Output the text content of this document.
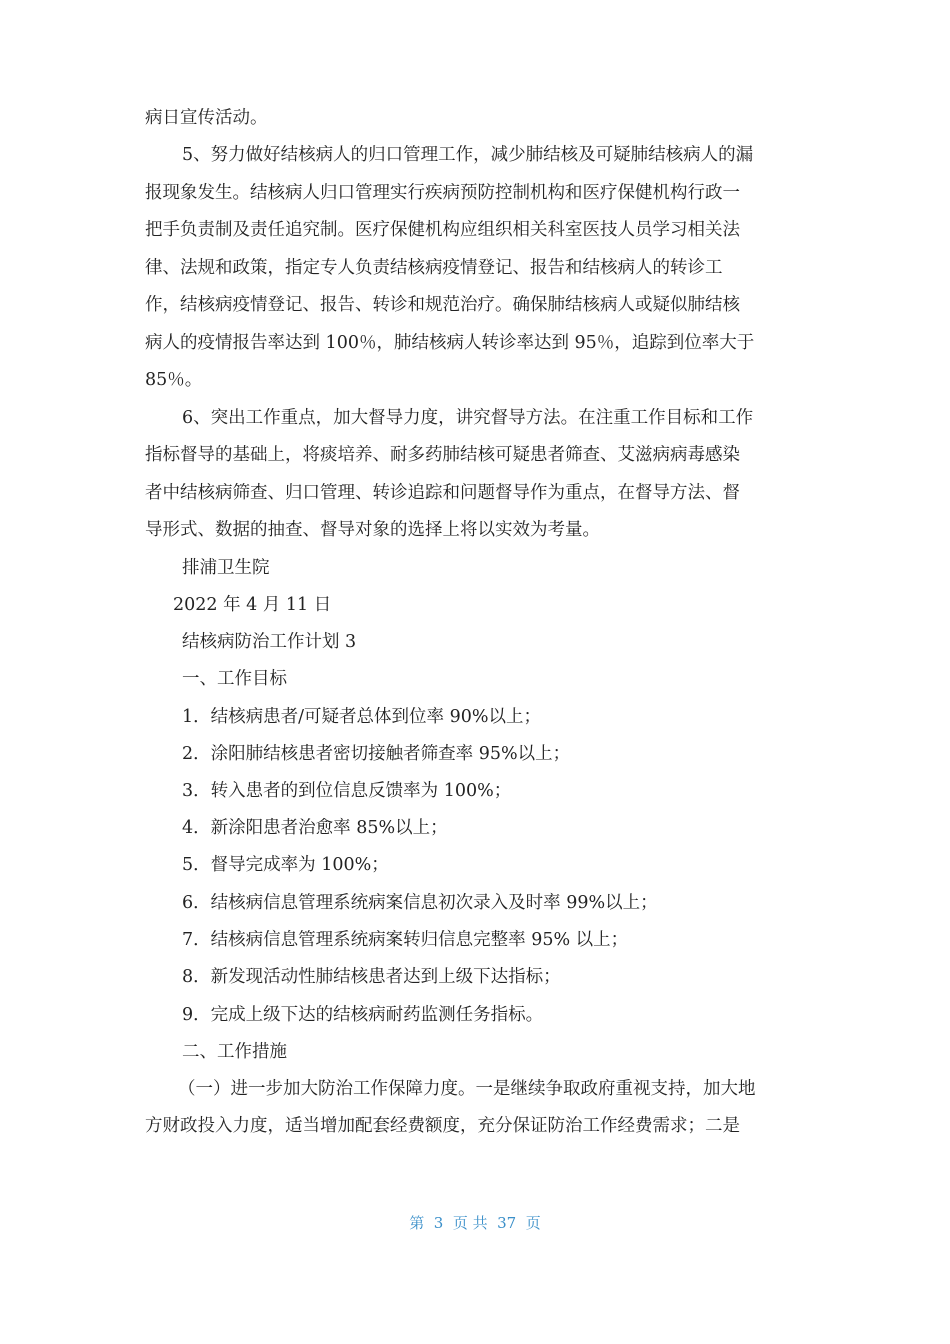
病日宣传活动。
5、努力做好结核病人的归口管理工作，减少肺结核及可疑肺结核病人的漏
报现象发生。结核病人归口管理实行疾病预防控制机构和医疗保健机构行政一
把手负责制及责任追究制。医疗保健机构应组织相关科室医技人员学习相关法
律、法规和政策，指定专人负责结核病疫情登记、报告和结核病人的转诊工
作，结核病疫情登记、报告、转诊和规范治疗。确保肺结核病人或疑似肺结核
病人的疫情报告率达到 100％，肺结核病人转诊率达到 95％，追踪到位率大于
85％。
6、突出工作重点，加大督导力度，讲究督导方法。在注重工作目标和工作
指标督导的基础上，将痰培养、耐多药肺结核可疑患者筛查、艾滋病病毒感染
者中结核病筛查、归口管理、转诊追踪和问题督导作为重点，在督导方法、督
导形式、数据的抽查、督导对象的选择上将以实效为考量。
排浦卫生院
2022 年 4 月 11 日
结核病防治工作计划 3
一、工作目标
1．结核病患者/可疑者总体到位率 90%以上；
2．涂阳肺结核患者密切接触者筛查率 95%以上；
3．转入患者的到位信息反馈率为 100%；
4．新涂阳患者治愈率 85%以上；
5．督导完成率为 100%；
6．结核病信息管理系统病案信息初次录入及时率 99%以上；
7．结核病信息管理系统病案转归信息完整率 95% 以上；
8．新发现活动性肺结核患者达到上级下达指标；
9．完成上级下达的结核病耐药监测任务指标。
二、工作措施
（一）进一步加大防治工作保障力度。一是继续争取政府重视支持，加大地
方财政投入力度，适当增加配套经费额度，充分保证防治工作经费需求；二是
第  3  页 共  37  页
